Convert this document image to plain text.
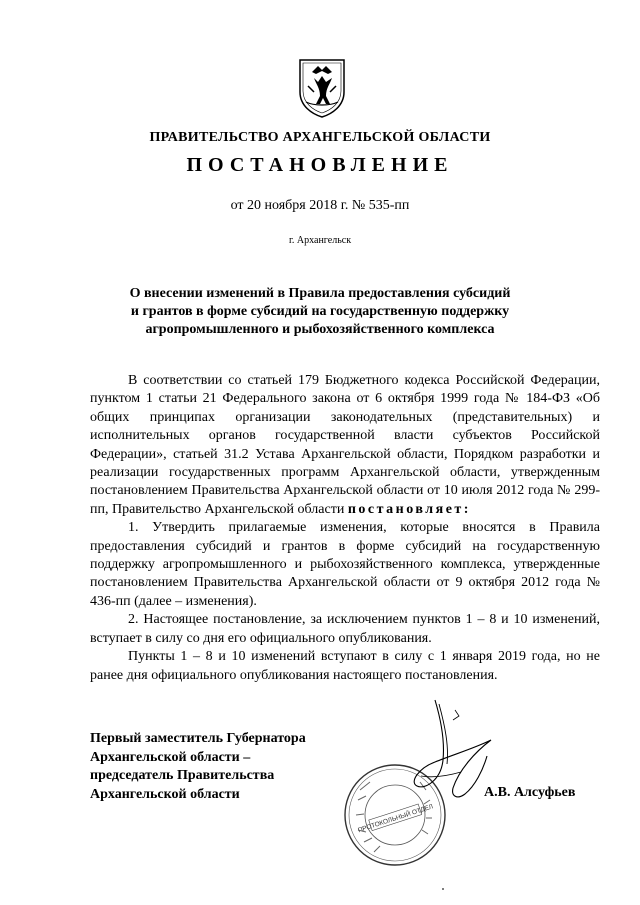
ПРАВИТЕЛЬСТВО АРХАНГЕЛЬСКОЙ ОБЛАСТИ
ПОСТАНОВЛЕНИЕ
от 20 ноября 2018 г. № 535-пп
г. Архангельск
О внесении изменений в Правила предоставления субсидий
и грантов в форме субсидий на государственную поддержку
агропромышленного и рыбохозяйственного комплекса

В соответствии со статьей 179 Бюджетного кодекса Российской Федерации, пунктом 1 статьи 21 Федерального закона от 6 октября 1999 года № 184-ФЗ «Об общих принципах организации законодательных (представительных) и исполнительных органов государственной власти субъектов Российской Федерации», статьей 31.2 Устава Архангельской области, Порядком разработки и реализации государственных программ Архангельской области, утвержденным постановлением Правительства Архангельской области от 10 июля 2012 года № 299-пп, Правительство Архангельской области постановляет:

1. Утвердить прилагаемые изменения, которые вносятся в Правила предоставления субсидий и грантов в форме субсидий на государственную поддержку агропромышленного и рыбохозяйственного комплекса, утвержденные постановлением Правительства Архангельской области от 9 октября 2012 года № 436-пп (далее – изменения).

2. Настоящее постановление, за исключением пунктов 1 – 8 и 10 изменений, вступает в силу со дня его официального опубликования.

Пункты 1 – 8 и 10 изменений вступают в силу с 1 января 2019 года, но не ранее дня официального опубликования настоящего постановления.

Первый заместитель Губернатора
Архангельской области –
председатель Правительства
Архангельской области
ПРОТОКОЛЬНЫЙ ОТДЕЛ
А.В. Алсуфьев
